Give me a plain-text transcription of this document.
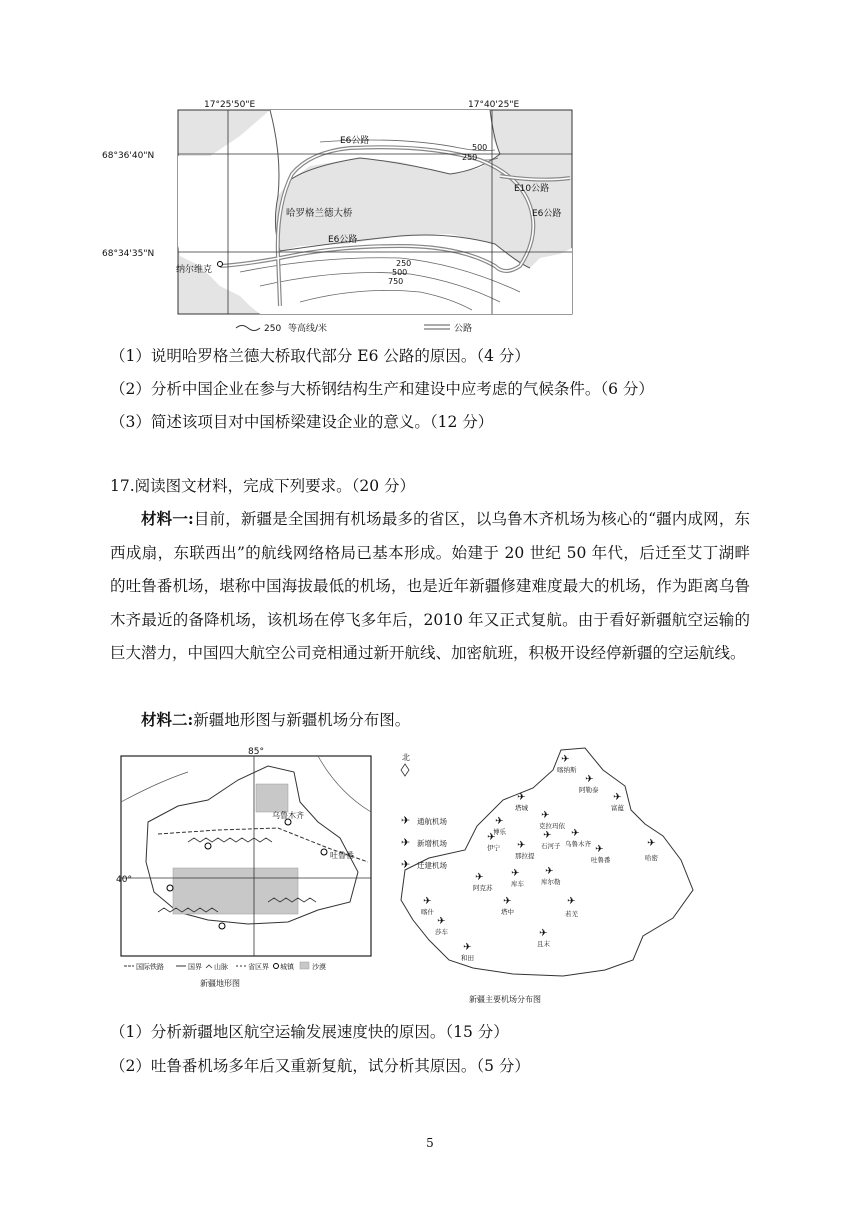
17°25'50"E	17°40'25"E
68°36'40"N
68°34'35"N
E6公路
E6公路
E6公路
E10公路
哈罗格兰德大桥
纳尔维克
500
250
250
500
750
250 等高线/米	公路
（1）说明哈罗格兰德大桥取代部分 E6 公路的原因。（4 分）
（2）分析中国企业在参与大桥钢结构生产和建设中应考虑的气候条件。（6 分）
（3）简述该项目对中国桥梁建设企业的意义。（12 分）
17.阅读图文材料，完成下列要求。（20 分）
材料一:目前，新疆是全国拥有机场最多的省区，以乌鲁木齐机场为核心的“疆内成网，东西成扇，东联西出”的航线网络格局已基本形成。始建于 20 世纪 50 年代，后迁至艾丁湖畔的吐鲁番机场，堪称中国海拔最低的机场，也是近年新疆修建难度最大的机场，作为距离乌鲁木齐最近的备降机场，该机场在停飞多年后，2010 年又正式复航。由于看好新疆航空运输的巨大潜力，中国四大航空公司竞相通过新开航线、加密航班，积极开设经停新疆的空运航线。
材料二:新疆地形图与新疆机场分布图。
85°
40°
乌鲁木齐
吐鲁番
国际铁路	国界 山脉	省区界 城镇	沙漠
新疆地形图
北
✈ 通航机场
✈ 新增机场
✈ 迁建机场
✈
喀纳斯
✈
阿勒泰
✈
富蕴
✈
塔城
✈
克拉玛依
✈
博乐
✈
伊宁
✈
石河子
✈
乌鲁木齐
✈
那拉提
✈
吐鲁番
✈
哈密
✈
阿克苏
✈
库车
✈
库尔勒
✈
喀什
✈
塔中
✈
且末
✈
莎车
✈
和田
✈
若羌
新疆主要机场分布图
（1）分析新疆地区航空运输发展速度快的原因。（15 分）
（2）吐鲁番机场多年后又重新复航，试分析其原因。（5 分）
5
